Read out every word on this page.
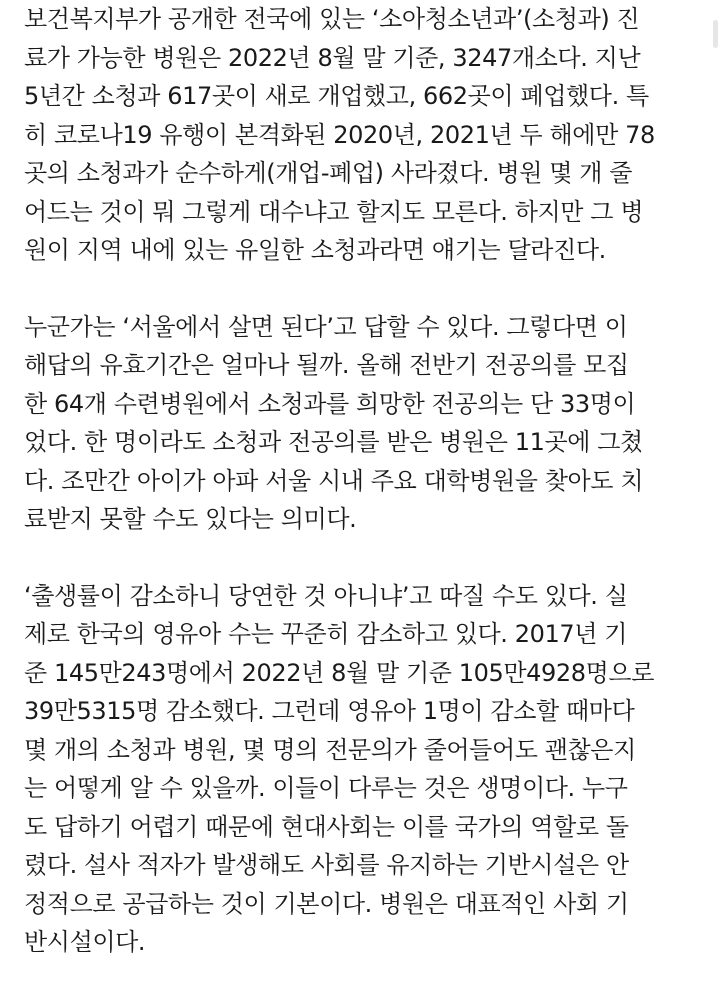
보건복지부가 공개한 전국에 있는 ‘소아청소년과’(소청과) 진
료가 가능한 병원은 2022년 8월 말 기준, 3247개소다. 지난
5년간 소청과 617곳이 새로 개업했고, 662곳이 폐업했다. 특
히 코로나19 유행이 본격화된 2020년, 2021년 두 해에만 78
곳의 소청과가 순수하게(개업-폐업) 사라졌다. 병원 몇 개 줄
어드는 것이 뭐 그렇게 대수냐고 할지도 모른다. 하지만 그 병
원이 지역 내에 있는 유일한 소청과라면 얘기는 달라진다.

누군가는 ‘서울에서 살면 된다’고 답할 수 있다. 그렇다면 이
해답의 유효기간은 얼마나 될까. 올해 전반기 전공의를 모집
한 64개 수련병원에서 소청과를 희망한 전공의는 단 33명이
었다. 한 명이라도 소청과 전공의를 받은 병원은 11곳에 그쳤
다. 조만간 아이가 아파 서울 시내 주요 대학병원을 찾아도 치
료받지 못할 수도 있다는 의미다.

‘출생률이 감소하니 당연한 것 아니냐’고 따질 수도 있다. 실
제로 한국의 영유아 수는 꾸준히 감소하고 있다. 2017년 기
준 145만243명에서 2022년 8월 말 기준 105만4928명으로
39만5315명 감소했다. 그런데 영유아 1명이 감소할 때마다
몇 개의 소청과 병원, 몇 명의 전문의가 줄어들어도 괜찮은지
는 어떻게 알 수 있을까. 이들이 다루는 것은 생명이다. 누구
도 답하기 어렵기 때문에 현대사회는 이를 국가의 역할로 돌
렸다. 설사 적자가 발생해도 사회를 유지하는 기반시설은 안
정적으로 공급하는 것이 기본이다. 병원은 대표적인 사회 기
반시설이다.
